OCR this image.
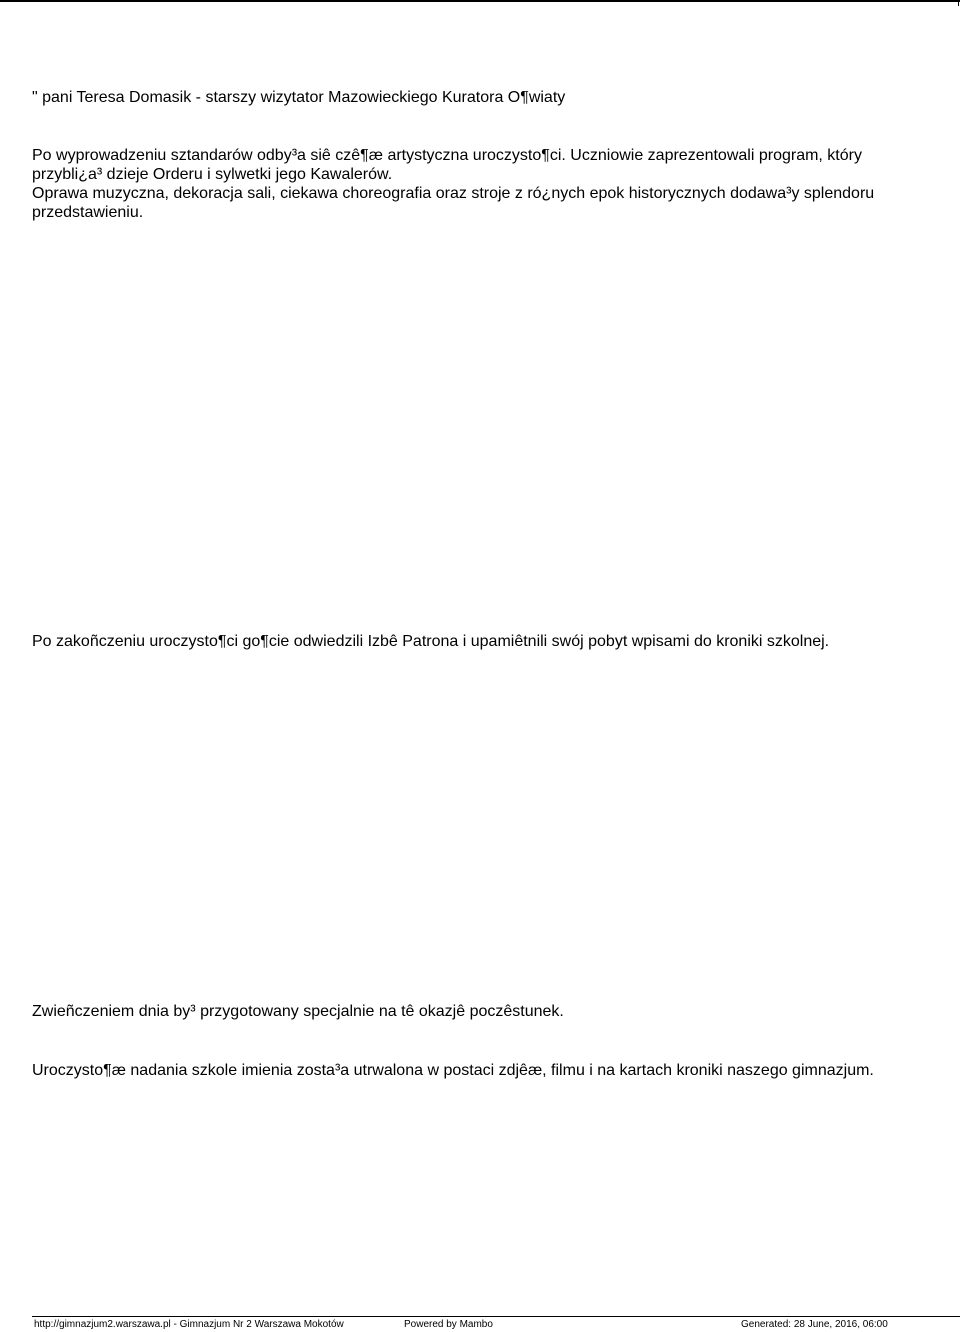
" pani Teresa Domasik - starszy wizytator Mazowieckiego Kuratora O¶wiaty

Po wyprowadzeniu sztandarów odby³a siê czê¶æ artystyczna uroczysto¶ci. Uczniowie zaprezentowali program, który

przybli¿a³ dzieje Orderu i sylwetki jego Kawalerów.

Oprawa muzyczna, dekoracja sali, ciekawa choreografia oraz stroje z ró¿nych epok historycznych dodawa³y splendoru

przedstawieniu.

Po zakoñczeniu uroczysto¶ci go¶cie odwiedzili Izbê Patrona i upamiêtnili swój pobyt wpisami do kroniki szkolnej.

Zwieñczeniem dnia by³ przygotowany specjalnie na tê okazjê poczêstunek.

Uroczysto¶æ nadania szkole imienia zosta³a utrwalona w postaci zdjêæ, filmu i na kartach kroniki naszego gimnazjum.

http://gimnazjum2.warszawa.pl - Gimnazjum Nr 2 Warszawa Mokotów	Powered by Mambo	Generated: 28 June, 2016, 06:00
